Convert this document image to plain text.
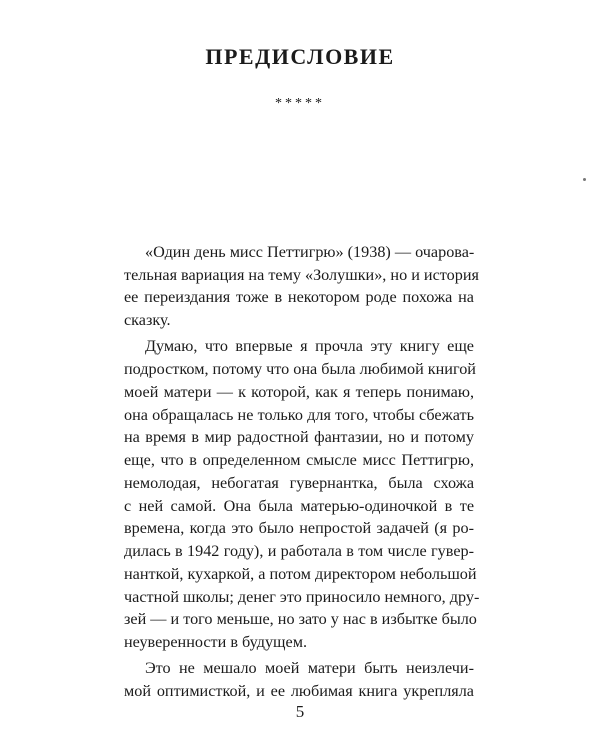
ПРЕДИСЛОВИЕ
*****
«Один день мисс Петтигрю» (1938) — очарова-
тельная вариация на тему «Золушки», но и история
ее переиздания тоже в некотором роде похожа на
сказку.
Думаю, что впервые я прочла эту книгу еще
подростком, потому что она была любимой книгой
моей матери — к которой, как я теперь понимаю,
она обращалась не только для того, чтобы сбежать
на время в мир радостной фантазии, но и потому
еще, что в определенном смысле мисс Петтигрю,
немолодая, небогатая гувернантка, была схожа
с ней самой. Она была матерью-одиночкой в те
времена, когда это было непростой задачей (я ро-
дилась в 1942 году), и работала в том числе гувер-
нанткой, кухаркой, а потом директором небольшой
частной школы; денег это приносило немного, дру-
зей — и того меньше, но зато у нас в избытке было
неуверенности в будущем.
Это не мешало моей матери быть неизлечи-
мой оптимисткой, и ее любимая книга укрепляла
5
